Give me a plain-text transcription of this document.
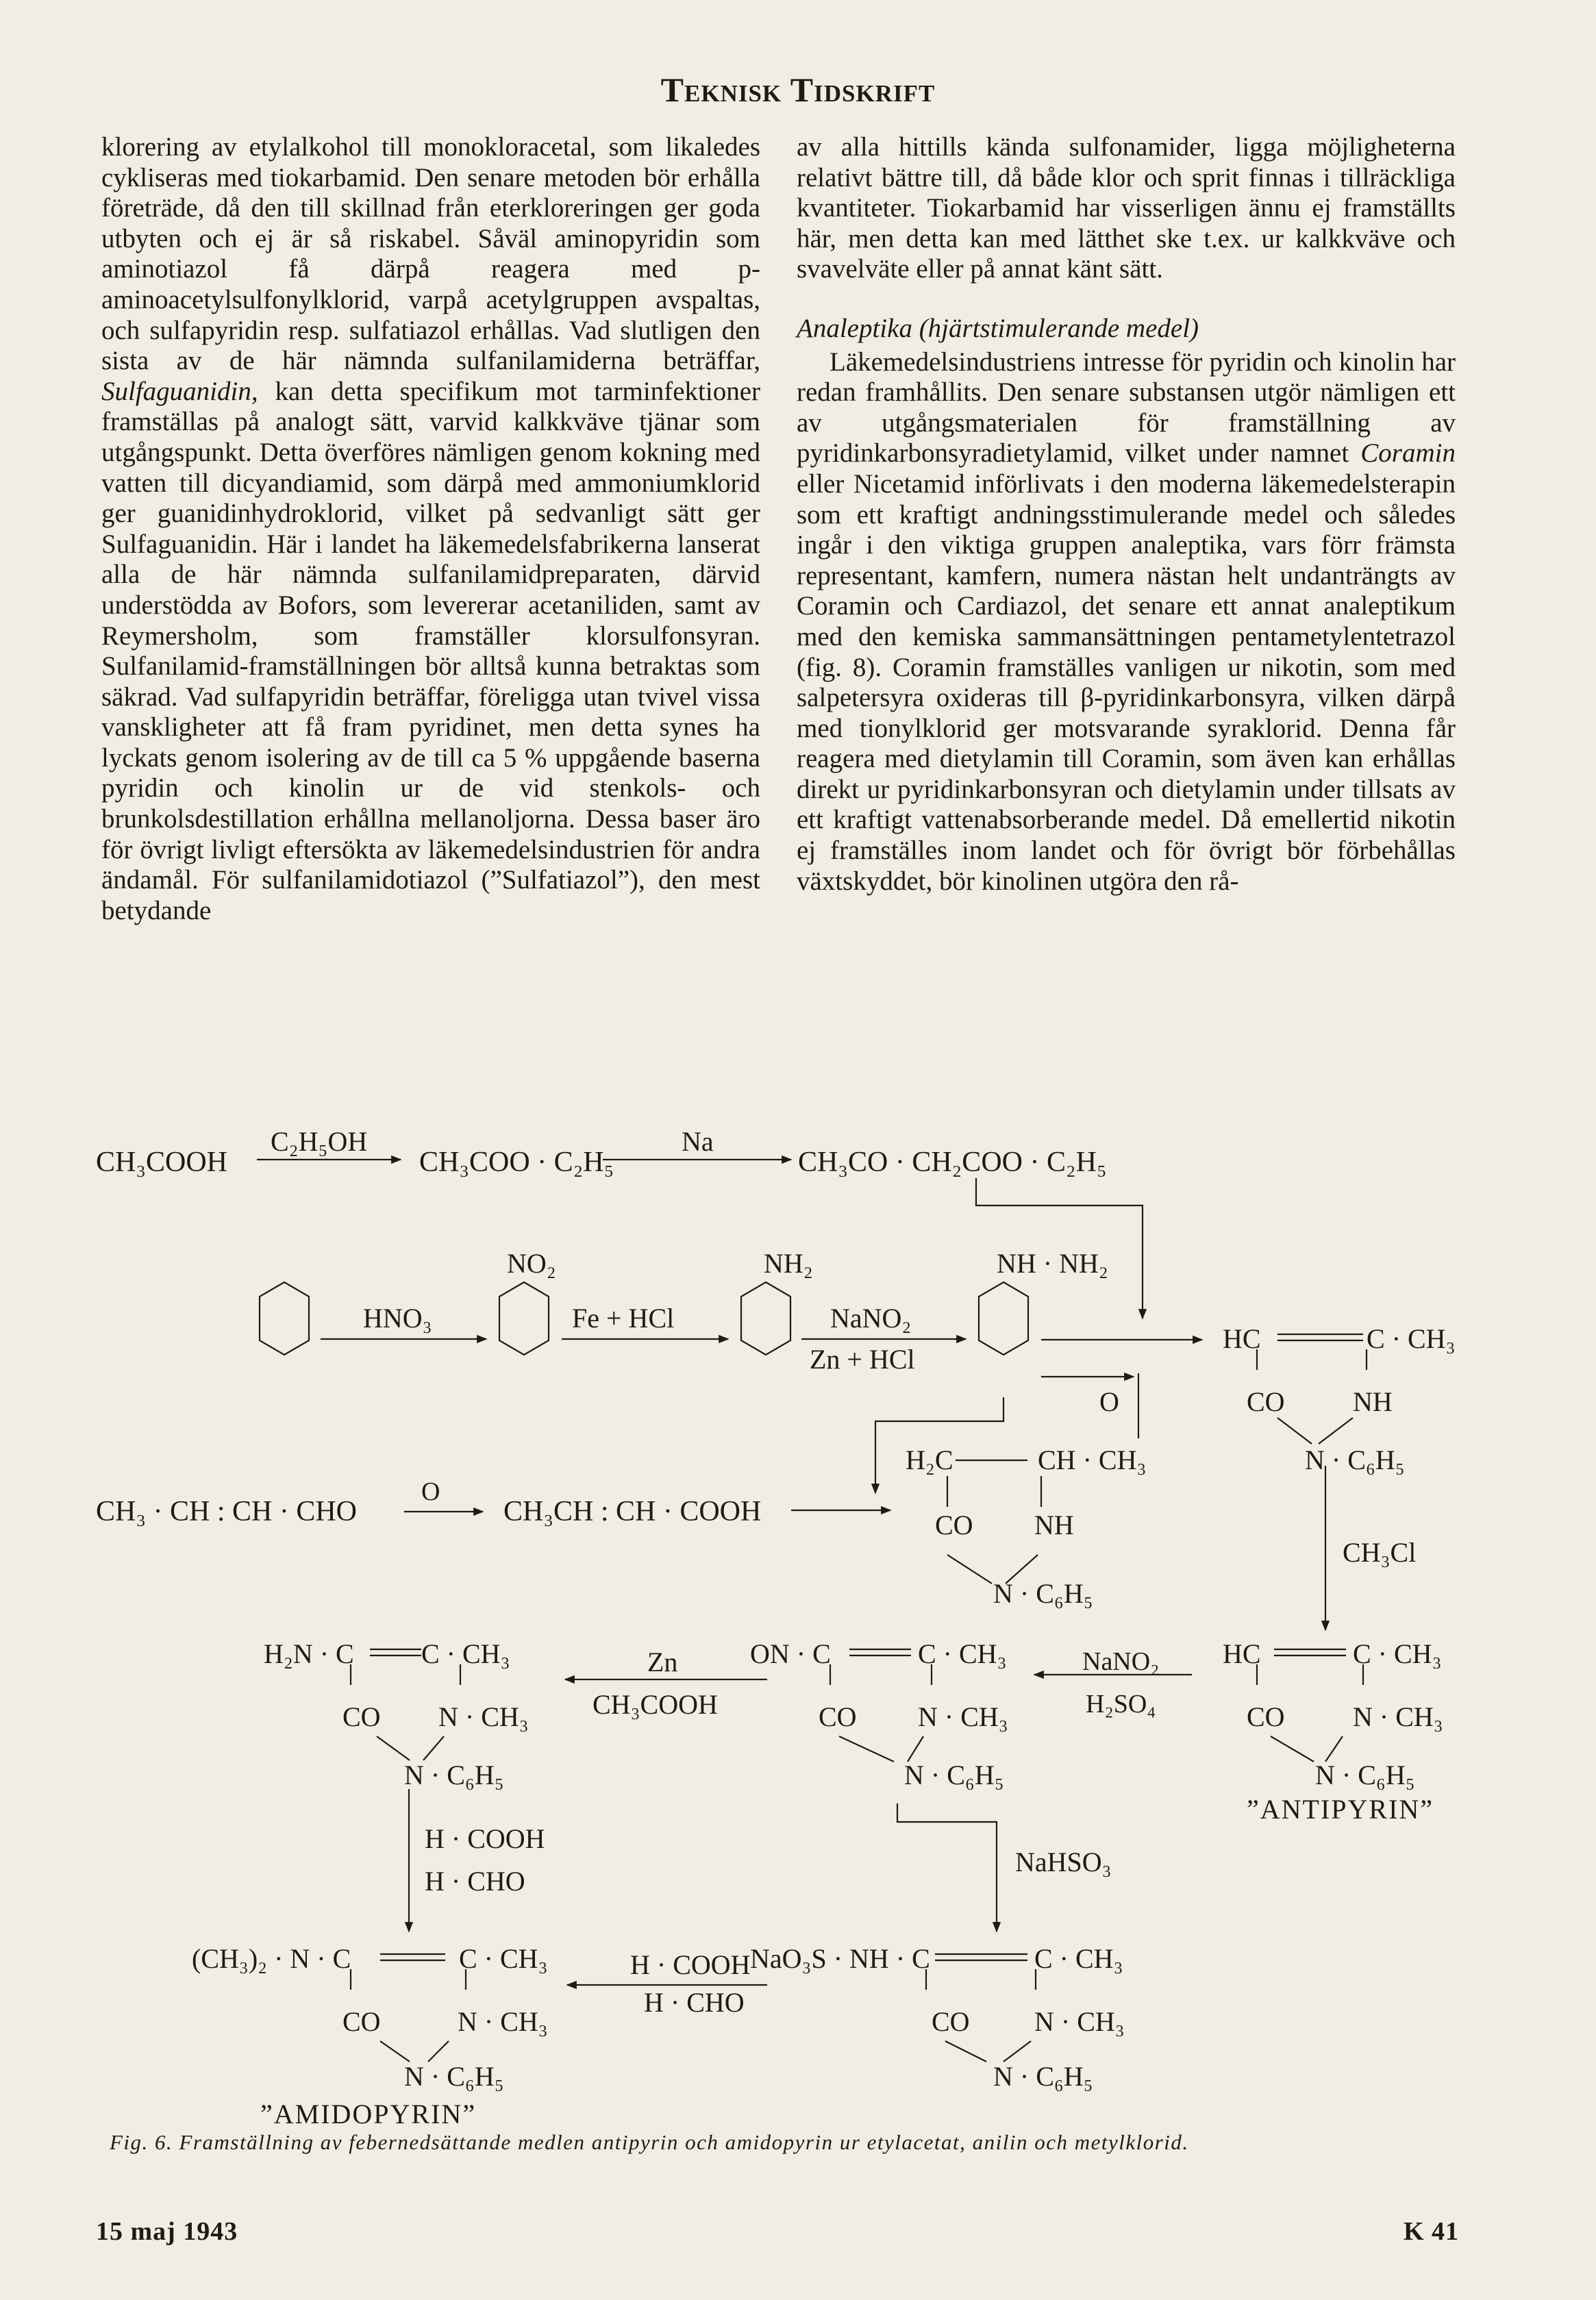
Teknisk Tidskrift

klorering av etylalkohol till monokloracetal, som likaledes cykliseras med tiokarbamid. Den senare metoden bör erhålla företräde, då den till skillnad från eterkloreringen ger goda utbyten och ej är så riskabel. Såväl aminopyridin som aminotiazol få därpå reagera med p-aminoacetylsulfonylklorid, varpå acetylgruppen avspaltas, och sulfapyridin resp. sulfatiazol erhållas. Vad slutligen den sista av de här nämnda sulfanilamiderna beträffar, Sulfaguanidin, kan detta specifikum mot tarminfektioner framställas på analogt sätt, varvid kalkkväve tjänar som utgångspunkt. Detta överföres nämligen genom kokning med vatten till dicyandiamid, som därpå med ammoniumklorid ger guanidinhydroklorid, vilket på sedvanligt sätt ger Sulfaguanidin. Här i landet ha läkemedelsfabrikerna lanserat alla de här nämnda sulfanilamidpreparaten, därvid understödda av Bofors, som levererar acetaniliden, samt av Reymersholm, som framställer klorsulfonsyran. Sulfanilamid-framställningen bör alltså kunna betraktas som säkrad. Vad sulfapyridin beträffar, föreligga utan tvivel vissa vanskligheter att få fram pyridinet, men detta synes ha lyckats genom isolering av de till ca 5 % uppgående baserna pyridin och kinolin ur de vid stenkols- och brunkolsdestillation erhållna mellanoljorna. Dessa baser äro för övrigt livligt eftersökta av läkemedelsindustrien för andra ändamål. För sulfanilamidotiazol (”Sulfatiazol”), den mest betydande

av alla hittills kända sulfonamider, ligga möjligheterna relativt bättre till, då både klor och sprit finnas i tillräckliga kvantiteter. Tiokarbamid har visserligen ännu ej framställts här, men detta kan med lätthet ske t.ex. ur kalkkväve och svavelväte eller på annat känt sätt.

Analeptika (hjärtstimulerande medel)

Läkemedelsindustriens intresse för pyridin och kinolin har redan framhållits. Den senare substansen utgör nämligen ett av utgångsmaterialen för framställning av pyridinkarbonsyradietylamid, vilket under namnet Coramin eller Nicetamid införlivats i den moderna läkemedelsterapin som ett kraftigt andningsstimulerande medel och således ingår i den viktiga gruppen analeptika, vars förr främsta representant, kamfern, numera nästan helt undanträngts av Coramin och Cardiazol, det senare ett annat analeptikum med den kemiska sammansättningen pentametylentetrazol (fig. 8). Coramin framställes vanligen ur nikotin, som med salpetersyra oxideras till β-pyridinkarbonsyra, vilken därpå med tionylklorid ger motsvarande syraklorid. Denna får reagera med dietylamin till Coramin, som även kan erhållas direkt ur pyridinkarbonsyran och dietylamin under tillsats av ett kraftigt vattenabsorberande medel. Då emellertid nikotin ej framställes inom landet och för övrigt bör förbehållas växtskyddet, bör kinolinen utgöra den rå-

CH₃COOH
C₂H₅OH
CH₃COO · C₂H₅
Na
CH₃CO · CH₂COO · C₂H₅
NO₂	NH₂	NH · NH₂
HNO₃	Fe + HCl	NaNO₂
Zn + HCl
HC	C · CH₃
O	CO NH
N · C₆H₅
CH₃ · CH : CH · CHO
O
CH₃CH : CH · COOH
H₂C	CH · CH₃
CO NH
N · C₆H₅
CH₃Cl
H₂N · C C · CH₃
CO N · CH₃
N · C₆H₅
Zn
CH₃COOH
ON · C	C · CH₃
CO N · CH₃
N · C₆H₅
NaNO₂
H₂SO₄
HC	C · CH₃
CO N · CH₃
N · C₆H₅
”ANTIPYRIN”
H · COOH
H · CHO
NaHSO₃
(CH₃)₂ · N · C	C · CH₃
CO	N · CH₃
N · C₆H₅
”AMIDOPYRIN”
H · COOH
H · CHO
NaO₃S · NH · C	C · CH₃
CO N · CH₃
N · C₆H₅
Fig. 6. Framställning av febernedsättande medlen antipyrin och amidopyrin ur etylacetat, anilin och metylklorid.
15 maj 1943	K 41
